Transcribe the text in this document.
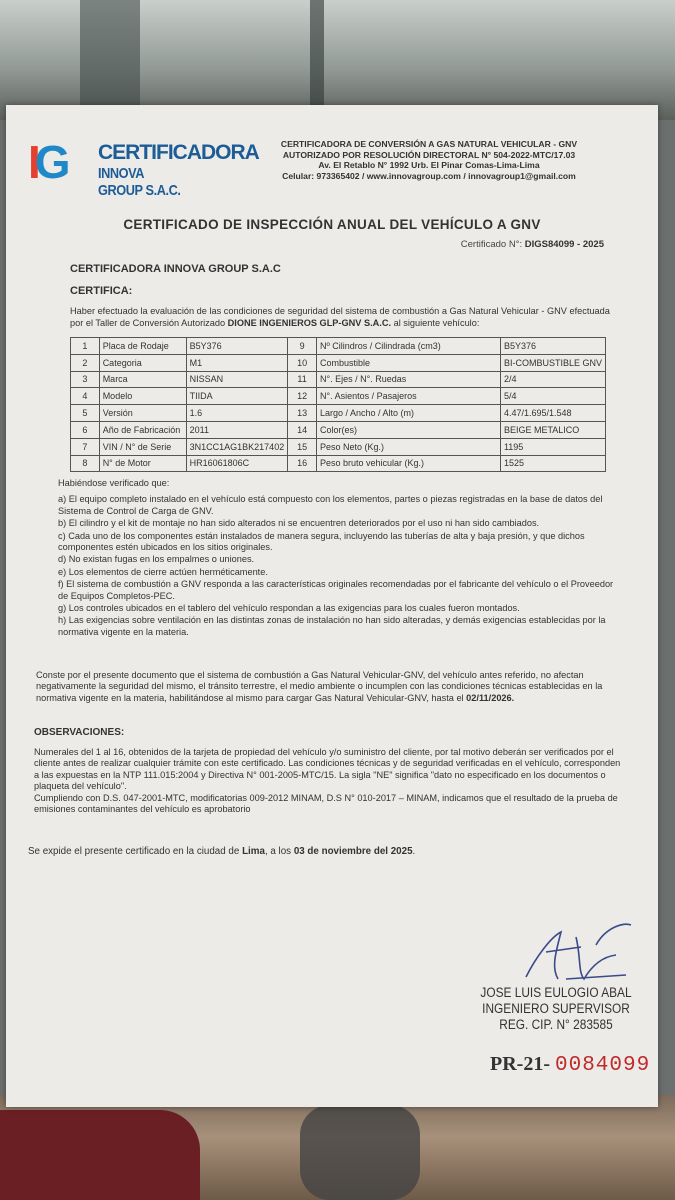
IG CERTIFICADORA
INNOVA GROUP S.A.C.
CERTIFICADORA DE CONVERSIÓN A GAS NATURAL VEHICULAR - GNV
AUTORIZADO POR RESOLUCIÓN DIRECTORAL N° 504-2022-MTC/17.03
Av. El Retablo N° 1992 Urb. El Pinar Comas-Lima-Lima
Celular: 973365402 / www.innovagroup.com / innovagroup1@gmail.com
CERTIFICADO DE INSPECCIÓN ANUAL DEL VEHÍCULO A GNV
Certificado N°: DIGS84099 - 2025
CERTIFICADORA INNOVA GROUP S.A.C
CERTIFICA:
Haber efectuado la evaluación de las condiciones de seguridad del sistema de combustión a Gas Natural Vehicular - GNV efectuada por el Taller de Conversión Autorizado DIONE INGENIEROS GLP-GNV S.A.C. al siguiente vehículo:
1	Placa de Rodaje	B5Y376	9	Nº Cilindros / Cilindrada (cm3)	B5Y376
2	Categoria	M1	10	Combustible	BI-COMBUSTIBLE GNV
3	Marca	NISSAN	11	N°. Ejes / N°. Ruedas	2/4
4	Modelo	TIIDA	12	N°. Asientos / Pasajeros	5/4
5	Versión	1.6	13	Largo / Ancho / Alto (m)	4.47/1.695/1.548
6	Año de Fabricación	2011	14	Color(es)	BEIGE METALICO
7	VIN / N° de Serie	3N1CC1AG1BK217402	15	Peso Neto (Kg.)	1195
8	N° de Motor	HR16061806C	16	Peso bruto vehicular (Kg.)	1525
Habiéndose verificado que:
a) El equipo completo instalado en el vehículo está compuesto con los elementos, partes o piezas registradas en la base de datos del Sistema de Control de Carga de GNV.
b) El cilindro y el kit de montaje no han sido alterados ni se encuentren deteriorados por el uso ni han sido cambiados.
c) Cada uno de los componentes están instalados de manera segura, incluyendo las tuberías de alta y baja presión, y que dichos componentes estén ubicados en los sitios originales.
d) No existan fugas en los empalmes o uniones.
e) Los elementos de cierre actúen herméticamente.
f) El sistema de combustión a GNV responda a las características originales recomendadas por el fabricante del vehículo o el Proveedor de Equipos Completos-PEC.
g) Los controles ubicados en el tablero del vehículo respondan a las exigencias para los cuales fueron montados.
h) Las exigencias sobre ventilación en las distintas zonas de instalación no han sido alteradas, y demás exigencias establecidas por la normativa vigente en la materia.
Conste por el presente documento que el sistema de combustión a Gas Natural Vehicular-GNV, del vehículo antes referido, no afectan negativamente la seguridad del mismo, el tránsito terrestre, el medio ambiente o incumplen con las condiciones técnicas establecidas en la normativa vigente en la materia, habilitándose al mismo para cargar Gas Natural Vehicular-GNV, hasta el 02/11/2026.
OBSERVACIONES:
Numerales del 1 al 16, obtenidos de la tarjeta de propiedad del vehículo y/o suministro del cliente, por tal motivo deberán ser verificados por el cliente antes de realizar cualquier trámite con este certificado. Las condiciones técnicas y de seguridad verificadas en el vehículo, corresponden a las expuestas en la NTP 111.015:2004 y Directiva N° 001-2005-MTC/15. La sigla "NE" significa "dato no especificado en los documentos o plaqueta del vehículo".
Cumpliendo con D.S. 047-2001-MTC, modificatorias 009-2012 MINAM, D.S N° 010-2017 – MINAM, indicamos que el resultado de la prueba de emisiones contaminantes del vehículo es aprobatorio
Se expide el presente certificado en la ciudad de Lima, a los 03 de noviembre del 2025.
JOSE LUIS EULOGIO ABAL
INGENIERO SUPERVISOR
REG. CIP. N° 283585
PR-21- 0084099
